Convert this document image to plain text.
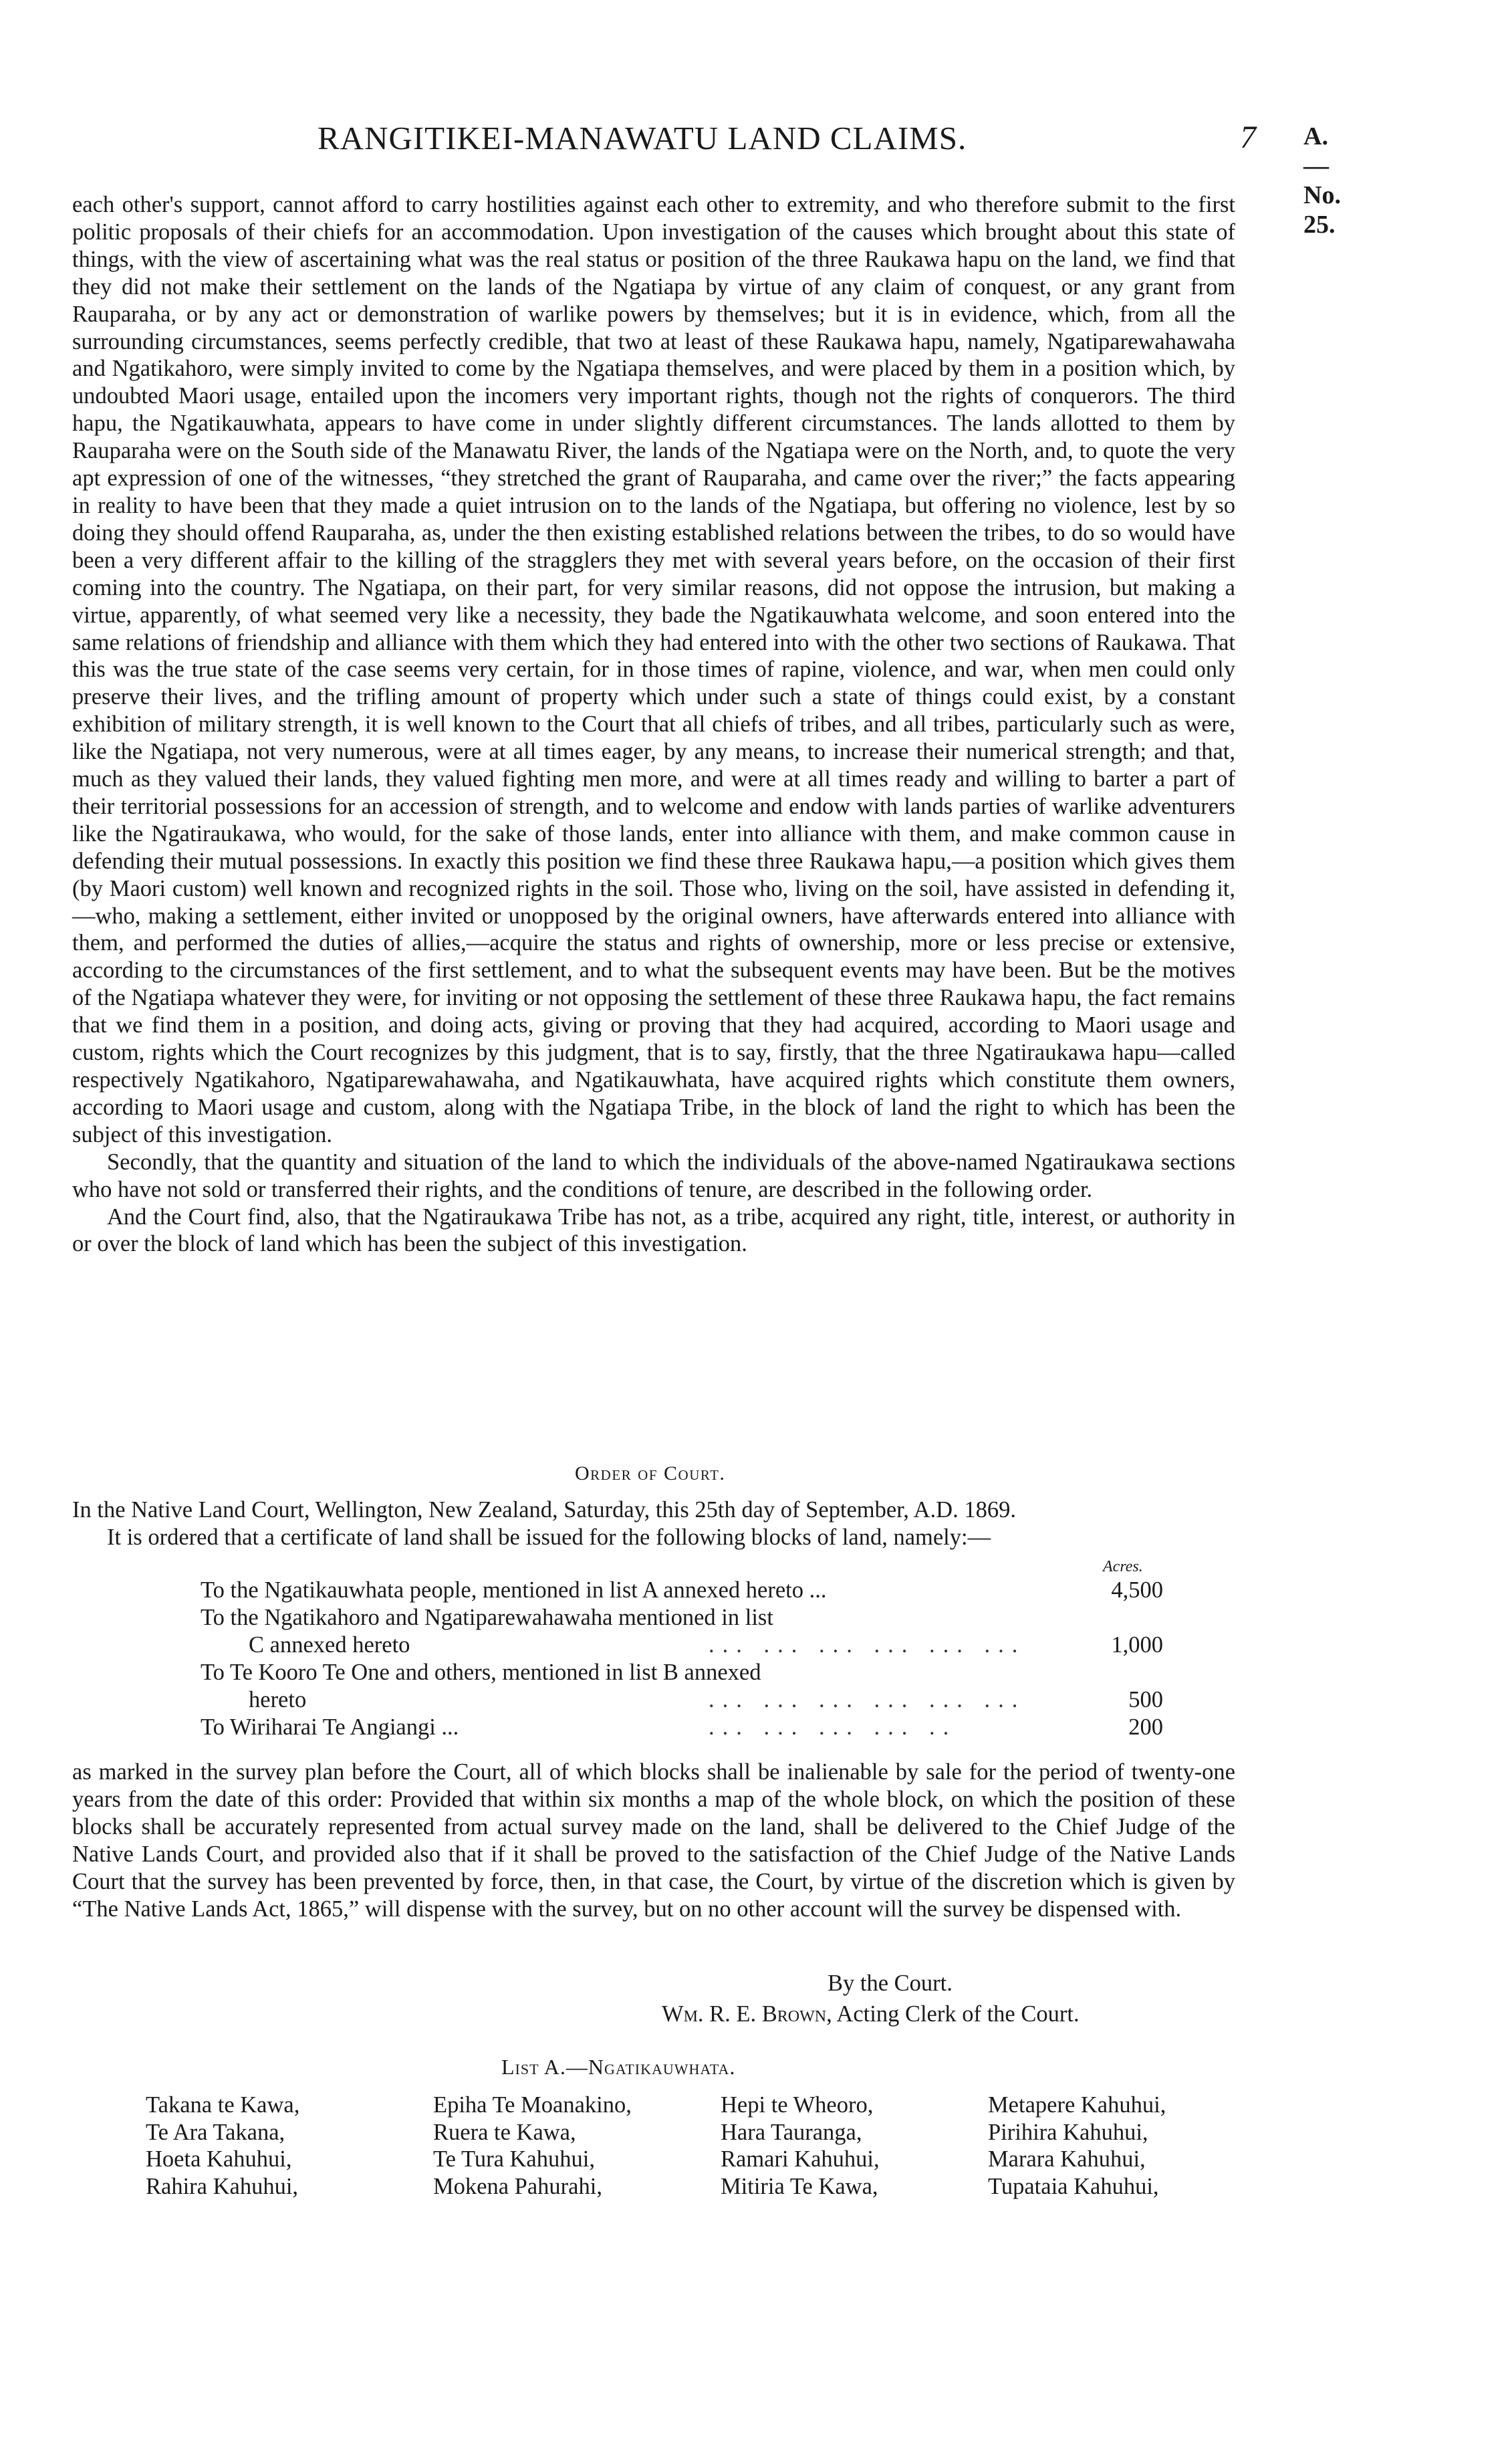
RANGITIKEI-MANAWATU LAND CLAIMS.	7 A.—No. 25.

each other's support, cannot afford to carry hostilities against each other to extremity, and who therefore submit to the first politic proposals of their chiefs for an accommodation. Upon investigation of the causes which brought about this state of things, with the view of ascertaining what was the real status or position of the three Raukawa hapu on the land, we find that they did not make their settlement on the lands of the Ngatiapa by virtue of any claim of conquest, or any grant from Rauparaha, or by any act or demonstration of warlike powers by themselves; but it is in evidence, which, from all the surrounding circumstances, seems perfectly credible, that two at least of these Raukawa hapu, namely, Ngatiparewahawaha and Ngatikahoro, were simply invited to come by the Ngatiapa themselves, and were placed by them in a position which, by undoubted Maori usage, entailed upon the incomers very important rights, though not the rights of conquerors. The third hapu, the Ngatikauwhata, appears to have come in under slightly different circumstances. The lands allotted to them by Rauparaha were on the South side of the Manawatu River, the lands of the Ngatiapa were on the North, and, to quote the very apt expression of one of the witnesses, “they stretched the grant of Rauparaha, and came over the river;” the facts appearing in reality to have been that they made a quiet intrusion on to the lands of the Ngatiapa, but offering no violence, lest by so doing they should offend Rauparaha, as, under the then existing established relations between the tribes, to do so would have been a very different affair to the killing of the stragglers they met with several years before, on the occasion of their first coming into the country. The Ngatiapa, on their part, for very similar reasons, did not oppose the intrusion, but making a virtue, apparently, of what seemed very like a necessity, they bade the Ngatikauwhata welcome, and soon entered into the same relations of friendship and alliance with them which they had entered into with the other two sections of Raukawa. That this was the true state of the case seems very certain, for in those times of rapine, violence, and war, when men could only preserve their lives, and the trifling amount of property which under such a state of things could exist, by a constant exhibition of military strength, it is well known to the Court that all chiefs of tribes, and all tribes, particularly such as were, like the Ngatiapa, not very numerous, were at all times eager, by any means, to increase their numerical strength; and that, much as they valued their lands, they valued fighting men more, and were at all times ready and willing to barter a part of their territorial possessions for an accession of strength, and to welcome and endow with lands parties of warlike adventurers like the Ngatiraukawa, who would, for the sake of those lands, enter into alliance with them, and make common cause in defending their mutual possessions. In exactly this position we find these three Raukawa hapu,—a position which gives them (by Maori custom) well known and recognized rights in the soil. Those who, living on the soil, have assisted in defending it,—who, making a settlement, either invited or unopposed by the original owners, have afterwards entered into alliance with them, and performed the duties of allies,—acquire the status and rights of ownership, more or less precise or extensive, according to the circumstances of the first settlement, and to what the subsequent events may have been. But be the motives of the Ngatiapa whatever they were, for inviting or not opposing the settlement of these three Raukawa hapu, the fact remains that we find them in a position, and doing acts, giving or proving that they had acquired, according to Maori usage and custom, rights which the Court recognizes by this judgment, that is to say, firstly, that the three Ngatiraukawa hapu—called respectively Ngatikahoro, Ngatiparewahawaha, and Ngatikauwhata, have acquired rights which constitute them owners, according to Maori usage and custom, along with the Ngatiapa Tribe, in the block of land the right to which has been the subject of this investigation.

Secondly, that the quantity and situation of the land to which the individuals of the above-named Ngatiraukawa sections who have not sold or transferred their rights, and the conditions of tenure, are described in the following order.

And the Court find, also, that the Ngatiraukawa Tribe has not, as a tribe, acquired any right, title, interest, or authority in or over the block of land which has been the subject of this investigation.

Order of Court.

In the Native Land Court, Wellington, New Zealand, Saturday, this 25th day of September, A.D. 1869.

It is ordered that a certificate of land shall be issued for the following blocks of land, namely:—

Acres.
To the Ngatikauwhata people, mentioned in list A annexed hereto ...	4,500
To the Ngatikahoro and Ngatiparewahawaha mentioned in list
C annexed hereto	... ... ... ... ... ...	1,000
To Te Kooro Te One and others, mentioned in list B annexed
hereto	... ... ... ... ... ...	500
To Wiriharai Te Angiangi ...	... ... ... ... ..	200

as marked in the survey plan before the Court, all of which blocks shall be inalienable by sale for the period of twenty-one years from the date of this order: Provided that within six months a map of the whole block, on which the position of these blocks shall be accurately represented from actual survey made on the land, shall be delivered to the Chief Judge of the Native Lands Court, and provided also that if it shall be proved to the satisfaction of the Chief Judge of the Native Lands Court that the survey has been prevented by force, then, in that case, the Court, by virtue of the discretion which is given by “The Native Lands Act, 1865,” will dispense with the survey, but on no other account will the survey be dispensed with.

By the Court.
Wm. R. E. Brown, Acting Clerk of the Court.
List A.—Ngatikauwhata.
Takana te Kawa,	Epiha Te Moanakino,	Hepi te Wheoro,	Metapere Kahuhui,
Te Ara Takana,	Ruera te Kawa,	Hara Tauranga,	Pirihira Kahuhui,
Hoeta Kahuhui,	Te Tura Kahuhui,	Ramari Kahuhui,	Marara Kahuhui,
Rahira Kahuhui,	Mokena Pahurahi,	Mitiria Te Kawa,	Tupataia Kahuhui,
